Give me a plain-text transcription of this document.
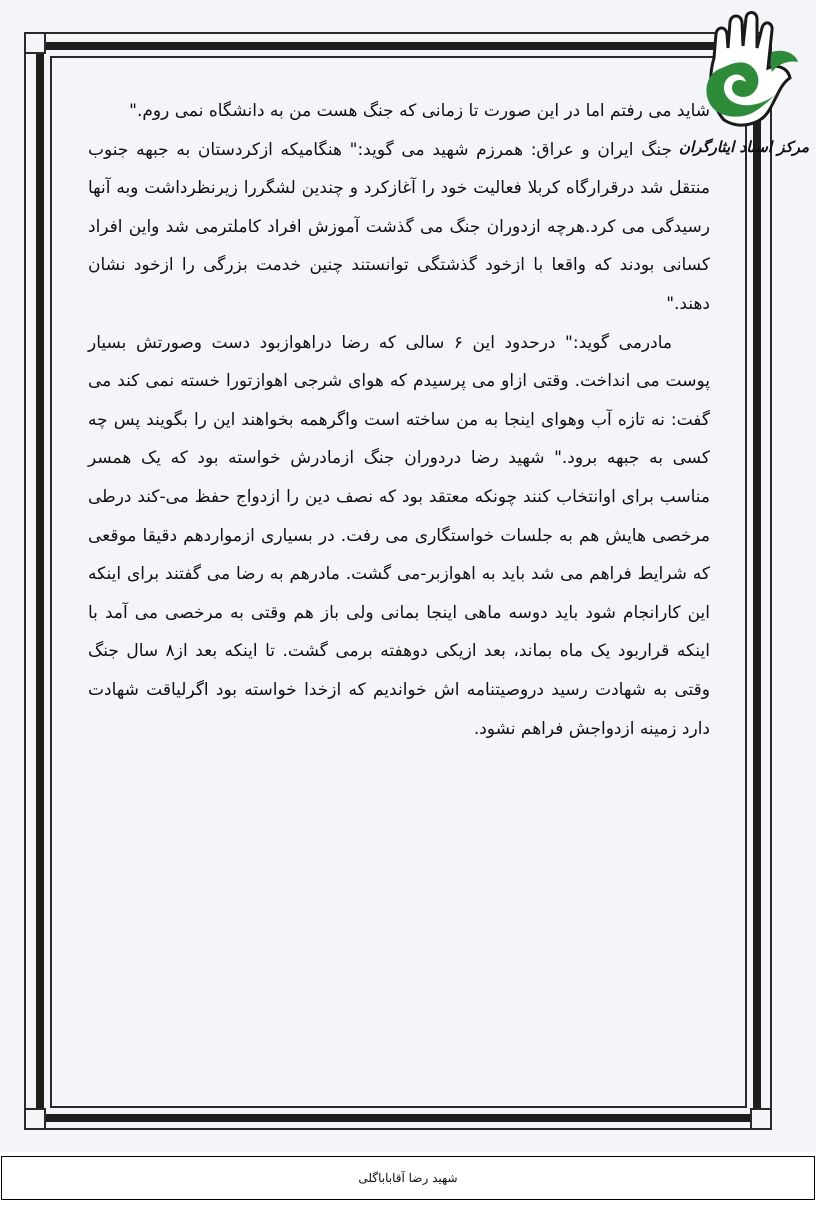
مرکز اسناد ایثارگران

شاید می رفتم اما در این صورت تا زمانی که جنگ هست من به دانشگاه نمی روم."

جنگ ایران و عراق: همرزم شهید می گوید:" هنگامیکه ازکردستان به جبهه جنوب منتقل شد درقرارگاه کربلا فعالیت خود را آغازکرد و چندین لشگررا زیرنظرداشت وبه آنها رسیدگی می کرد.هرچه ازدوران جنگ می گذشت آموزش افراد کاملترمی شد واین افراد کسانی بودند که واقعا با ازخود گذشتگی توانستند چنین خدمت بزرگی را ازخود نشان دهند."

مادرمی گوید:" درحدود این ۶ سالی که رضا دراهوازبود دست وصورتش بسیار پوست می انداخت. وقتی ازاو می پرسیدم که هوای شرجی اهوازتورا خسته نمی کند می گفت: نه تازه آب وهوای اینجا به من ساخته است واگرهمه بخواهند این را بگویند پس چه کسی به جبهه برود." شهید رضا دردوران جنگ ازمادرش خواسته بود که یک همسر مناسب برای اوانتخاب کنند چونکه معتقد بود که نصف دین را ازدواج حفظ می-کند درطی مرخصی هایش هم به جلسات خواستگاری می رفت. در بسیاری ازمواردهم دقیقا موقعی که شرایط فراهم می شد باید به اهوازبر-می گشت. مادرهم به رضا می گفتند برای اینکه این کارانجام شود باید دوسه ماهی اینجا بمانی ولی باز هم وقتی به مرخصی می آمد با اینکه قراربود یک ماه بماند، بعد ازیکی دوهفته برمی گشت. تا اینکه بعد از۸ سال جنگ وقتی به شهادت رسید دروصیتنامه اش خواندیم که ازخدا خواسته بود اگرلیاقت شهادت دارد زمینه ازدواجش فراهم نشود.

شهید رضا آقاباباگلی
